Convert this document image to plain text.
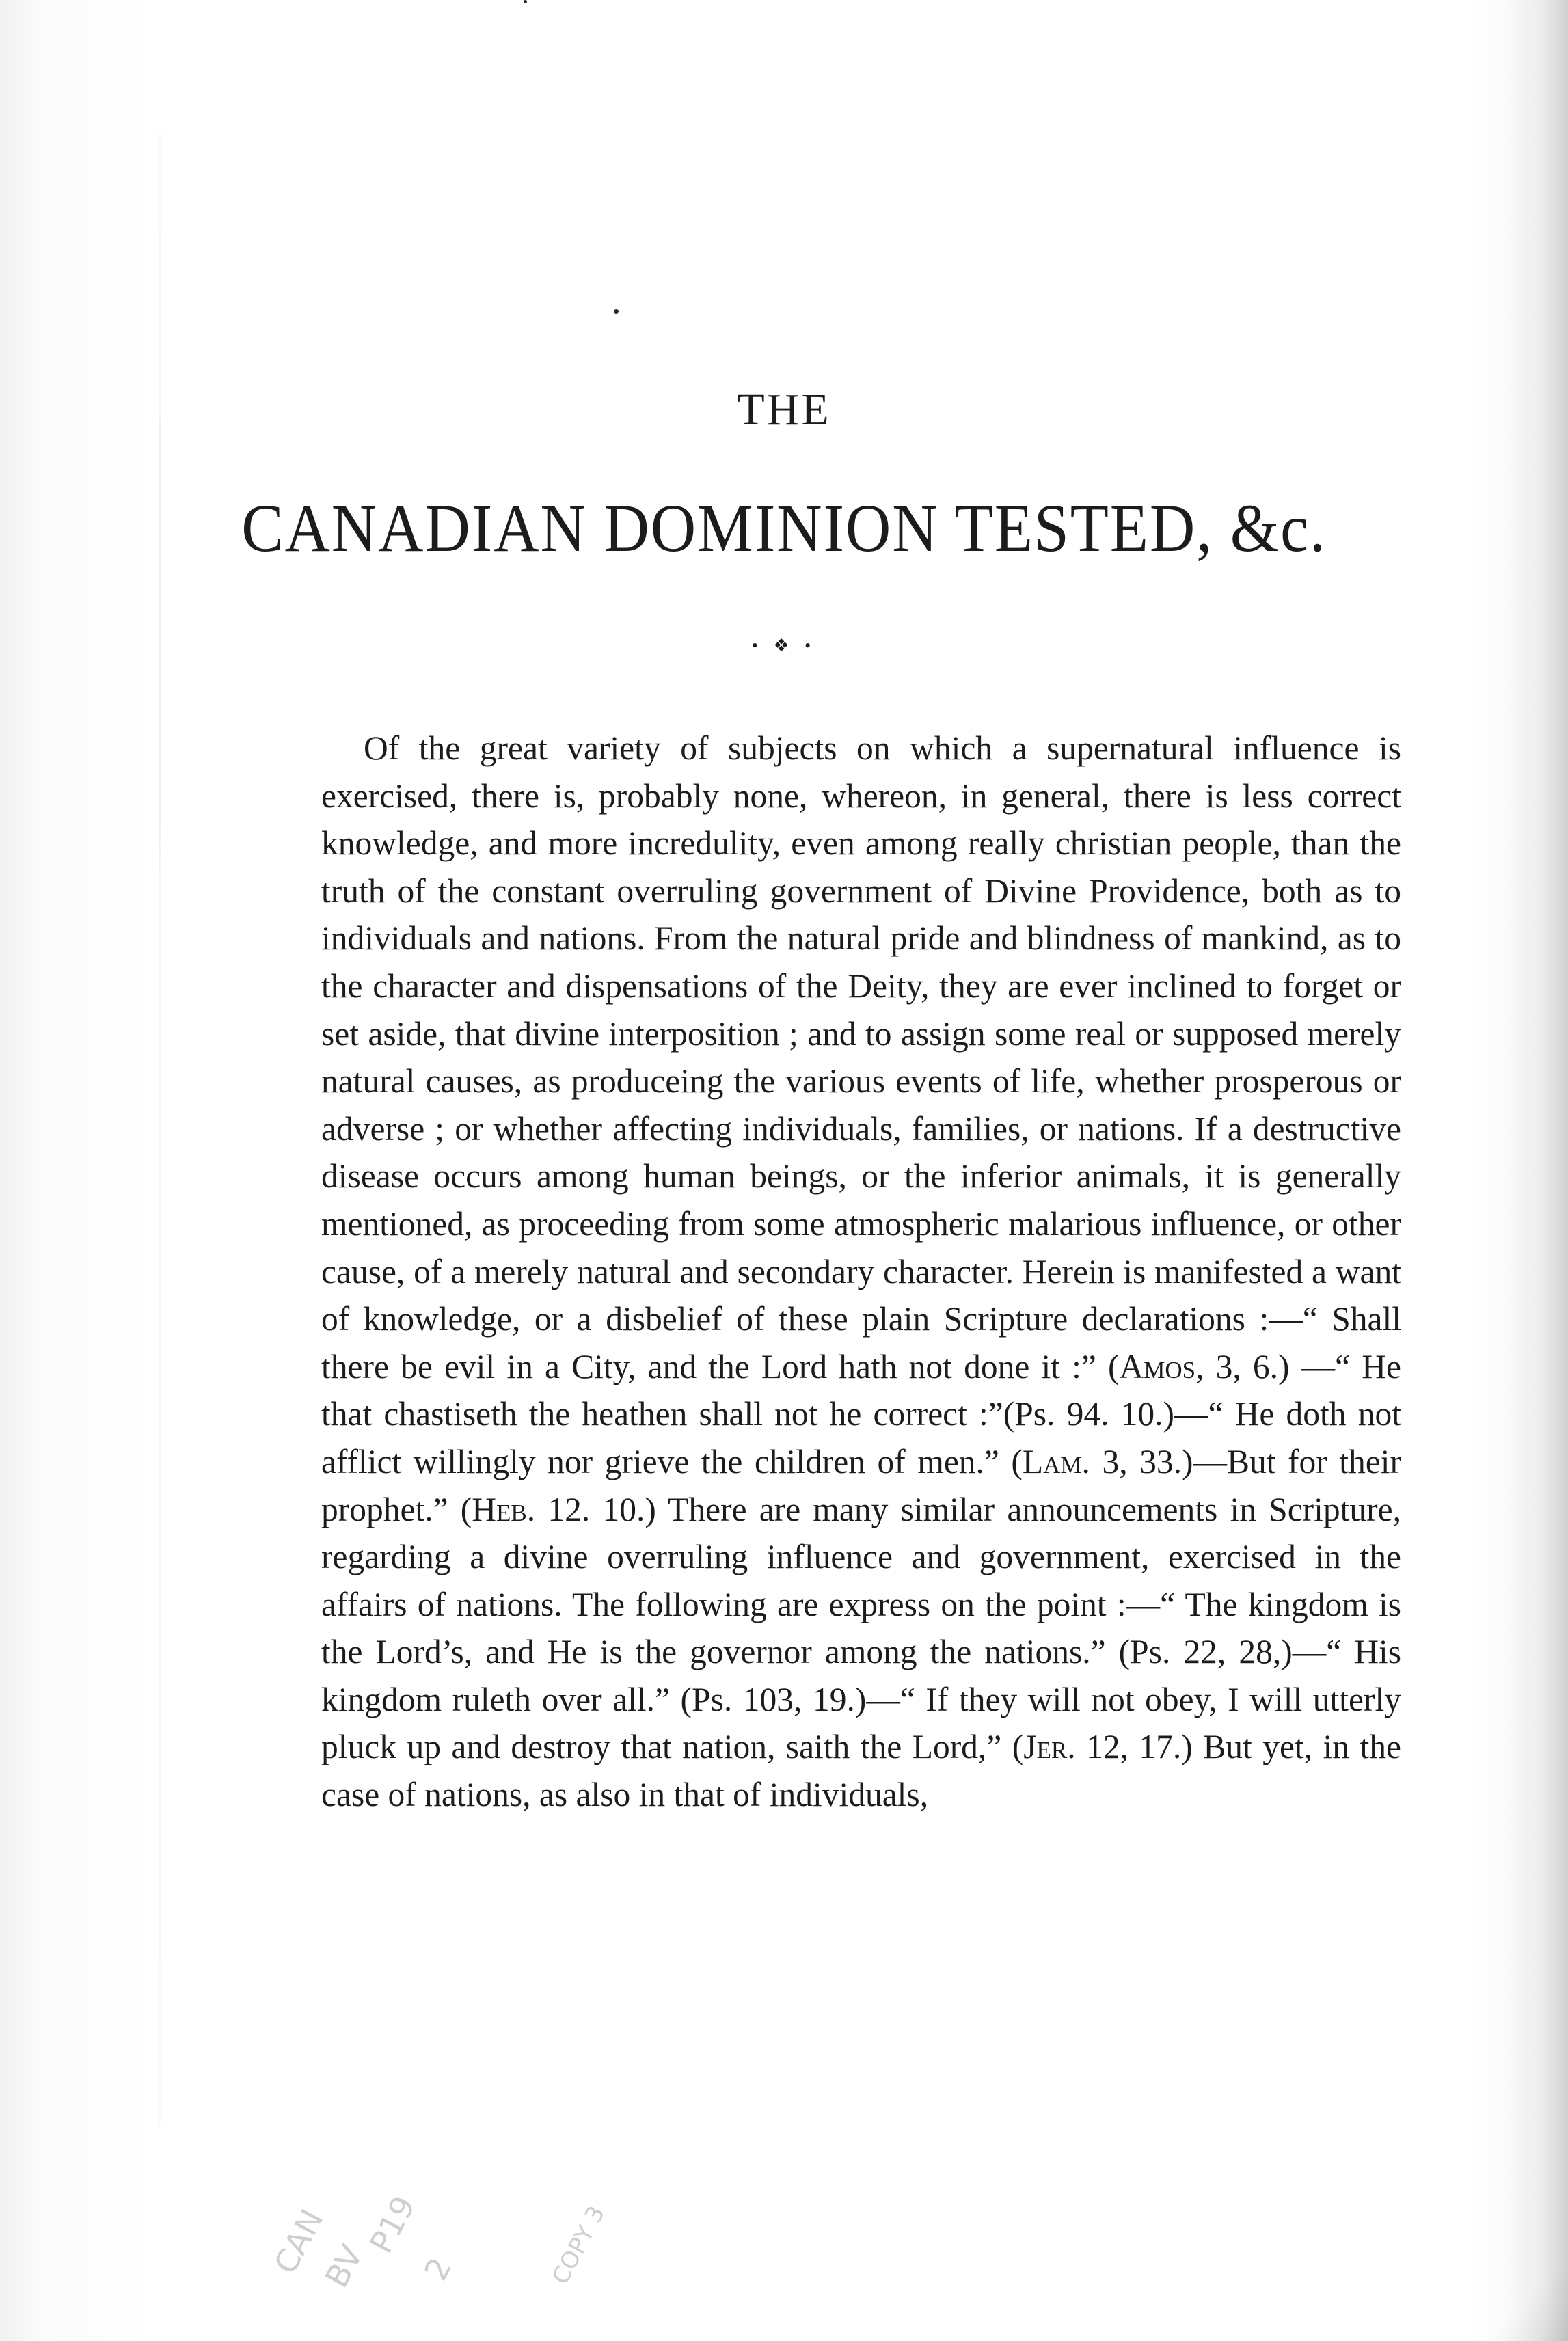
THE
CANADIAN DOMINION TESTED, &c.
• ❖ •

Of the great variety of subjects on which a supernatural influence is exercised, there is, probably none, whereon, in general, there is less correct knowledge, and more incredulity, even among really christian people, than the truth of the constant overruling government of Divine Providence, both as to individuals and nations. From the natural pride and blindness of mankind, as to the character and dispensations of the Deity, they are ever inclined to forget or set aside, that divine interposition ; and to assign some real or supposed merely natural causes, as produceing the various events of life, whether prosperous or adverse ; or whether affecting individuals, families, or nations. If a destructive disease occurs among human beings, or the inferior animals, it is generally mentioned, as proceeding from some atmospheric malarious influence, or other cause, of a merely natural and secondary character. Herein is manifested a want of knowledge, or a disbelief of these plain Scripture declarations :—“ Shall there be evil in a City, and the Lord hath not done it :” (Amos, 3, 6.) —“ He that chastiseth the heathen shall not he correct :”(Ps. 94. 10.)—“ He doth not afflict willingly nor grieve the children of men.” (Lam. 3, 33.)—But for their prophet.” (Heb. 12. 10.) There are many similar announcements in Scripture, regarding a divine overruling influence and government, exercised in the affairs of nations. The following are express on the point :—“ The kingdom is the Lord’s, and He is the governor among the nations.” (Ps. 22, 28,)—“ His kingdom ruleth over all.” (Ps. 103, 19.)—“ If they will not obey, I will utterly pluck up and destroy that nation, saith the Lord,” (Jer. 12, 17.) But yet, in the case of nations, as also in that of individuals,

CAN
BV
P19
2	COPY 3
